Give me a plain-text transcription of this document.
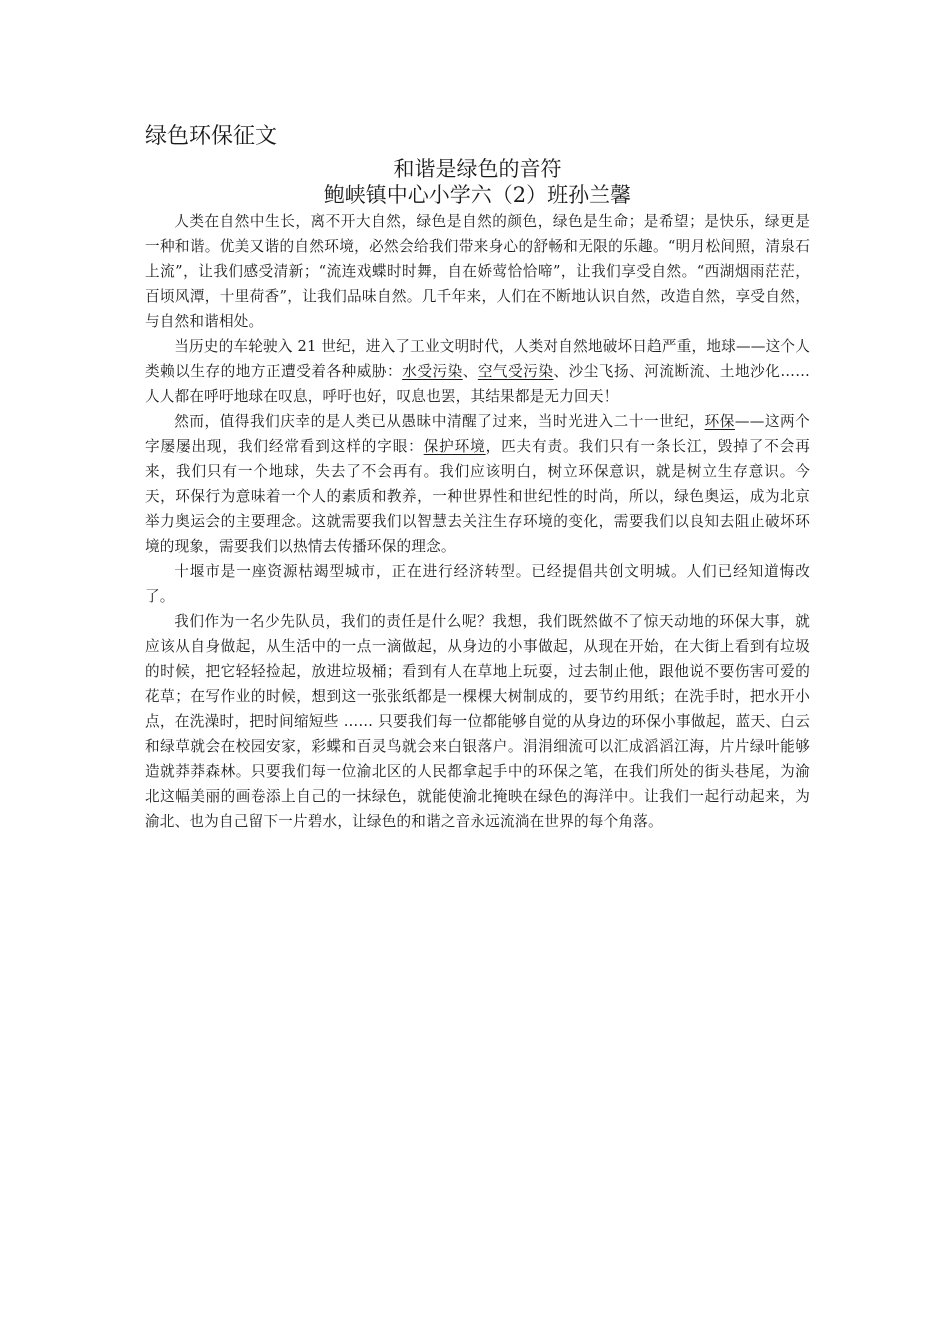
绿色环保征文
和谐是绿色的音符
鲍峡镇中心小学六（2）班孙兰馨

人类在自然中生长，离不开大自然，绿色是自然的颜色，绿色是生命；是希望；是快乐，绿更是一种和谐。优美又谐的自然环境，必然会给我们带来身心的舒畅和无限的乐趣。“明月松间照，清泉石上流”，让我们感受清新；“流连戏蝶时时舞，自在娇莺恰恰啼”，让我们享受自然。“西湖烟雨茫茫，百顷风潭，十里荷香”，让我们品味自然。几千年来，人们在不断地认识自然，改造自然，享受自然，与自然和谐相处。

当历史的车轮驶入 21 世纪，进入了工业文明时代，人类对自然地破坏日趋严重，地球——这个人类赖以生存的地方正遭受着各种威胁：水受污染、空气受污染、沙尘飞扬、河流断流、土地沙化……人人都在呼吁地球在叹息，呼吁也好，叹息也罢，其结果都是无力回天！

然而，值得我们庆幸的是人类已从愚昧中清醒了过来，当时光进入二十一世纪，环保——这两个字屡屡出现，我们经常看到这样的字眼：保护环境，匹夫有责。我们只有一条长江，毁掉了不会再来，我们只有一个地球，失去了不会再有。我们应该明白，树立环保意识，就是树立生存意识。今天，环保行为意味着一个人的素质和教养，一种世界性和世纪性的时尚，所以，绿色奥运，成为北京举力奥运会的主要理念。这就需要我们以智慧去关注生存环境的变化，需要我们以良知去阻止破坏环境的现象，需要我们以热情去传播环保的理念。

十堰市是一座资源枯竭型城市，正在进行经济转型。已经提倡共创文明城。人们已经知道悔改了。

我们作为一名少先队员，我们的责任是什么呢？我想，我们既然做不了惊天动地的环保大事，就应该从自身做起，从生活中的一点一滴做起，从身边的小事做起，从现在开始，在大街上看到有垃圾的时候，把它轻轻捡起，放进垃圾桶；看到有人在草地上玩耍，过去制止他，跟他说不要伤害可爱的花草；在写作业的时候，想到这一张张纸都是一棵棵大树制成的，要节约用纸；在洗手时，把水开小点，在洗澡时，把时间缩短些 …… 只要我们每一位都能够自觉的从身边的环保小事做起，蓝天、白云和绿草就会在校园安家，彩蝶和百灵鸟就会来白银落户。涓涓细流可以汇成滔滔江海，片片绿叶能够造就莽莽森林。只要我们每一位渝北区的人民都拿起手中的环保之笔，在我们所处的街头巷尾，为渝北这幅美丽的画卷添上自己的一抹绿色，就能使渝北掩映在绿色的海洋中。让我们一起行动起来，为渝北、也为自己留下一片碧水，让绿色的和谐之音永远流淌在世界的每个角落。
